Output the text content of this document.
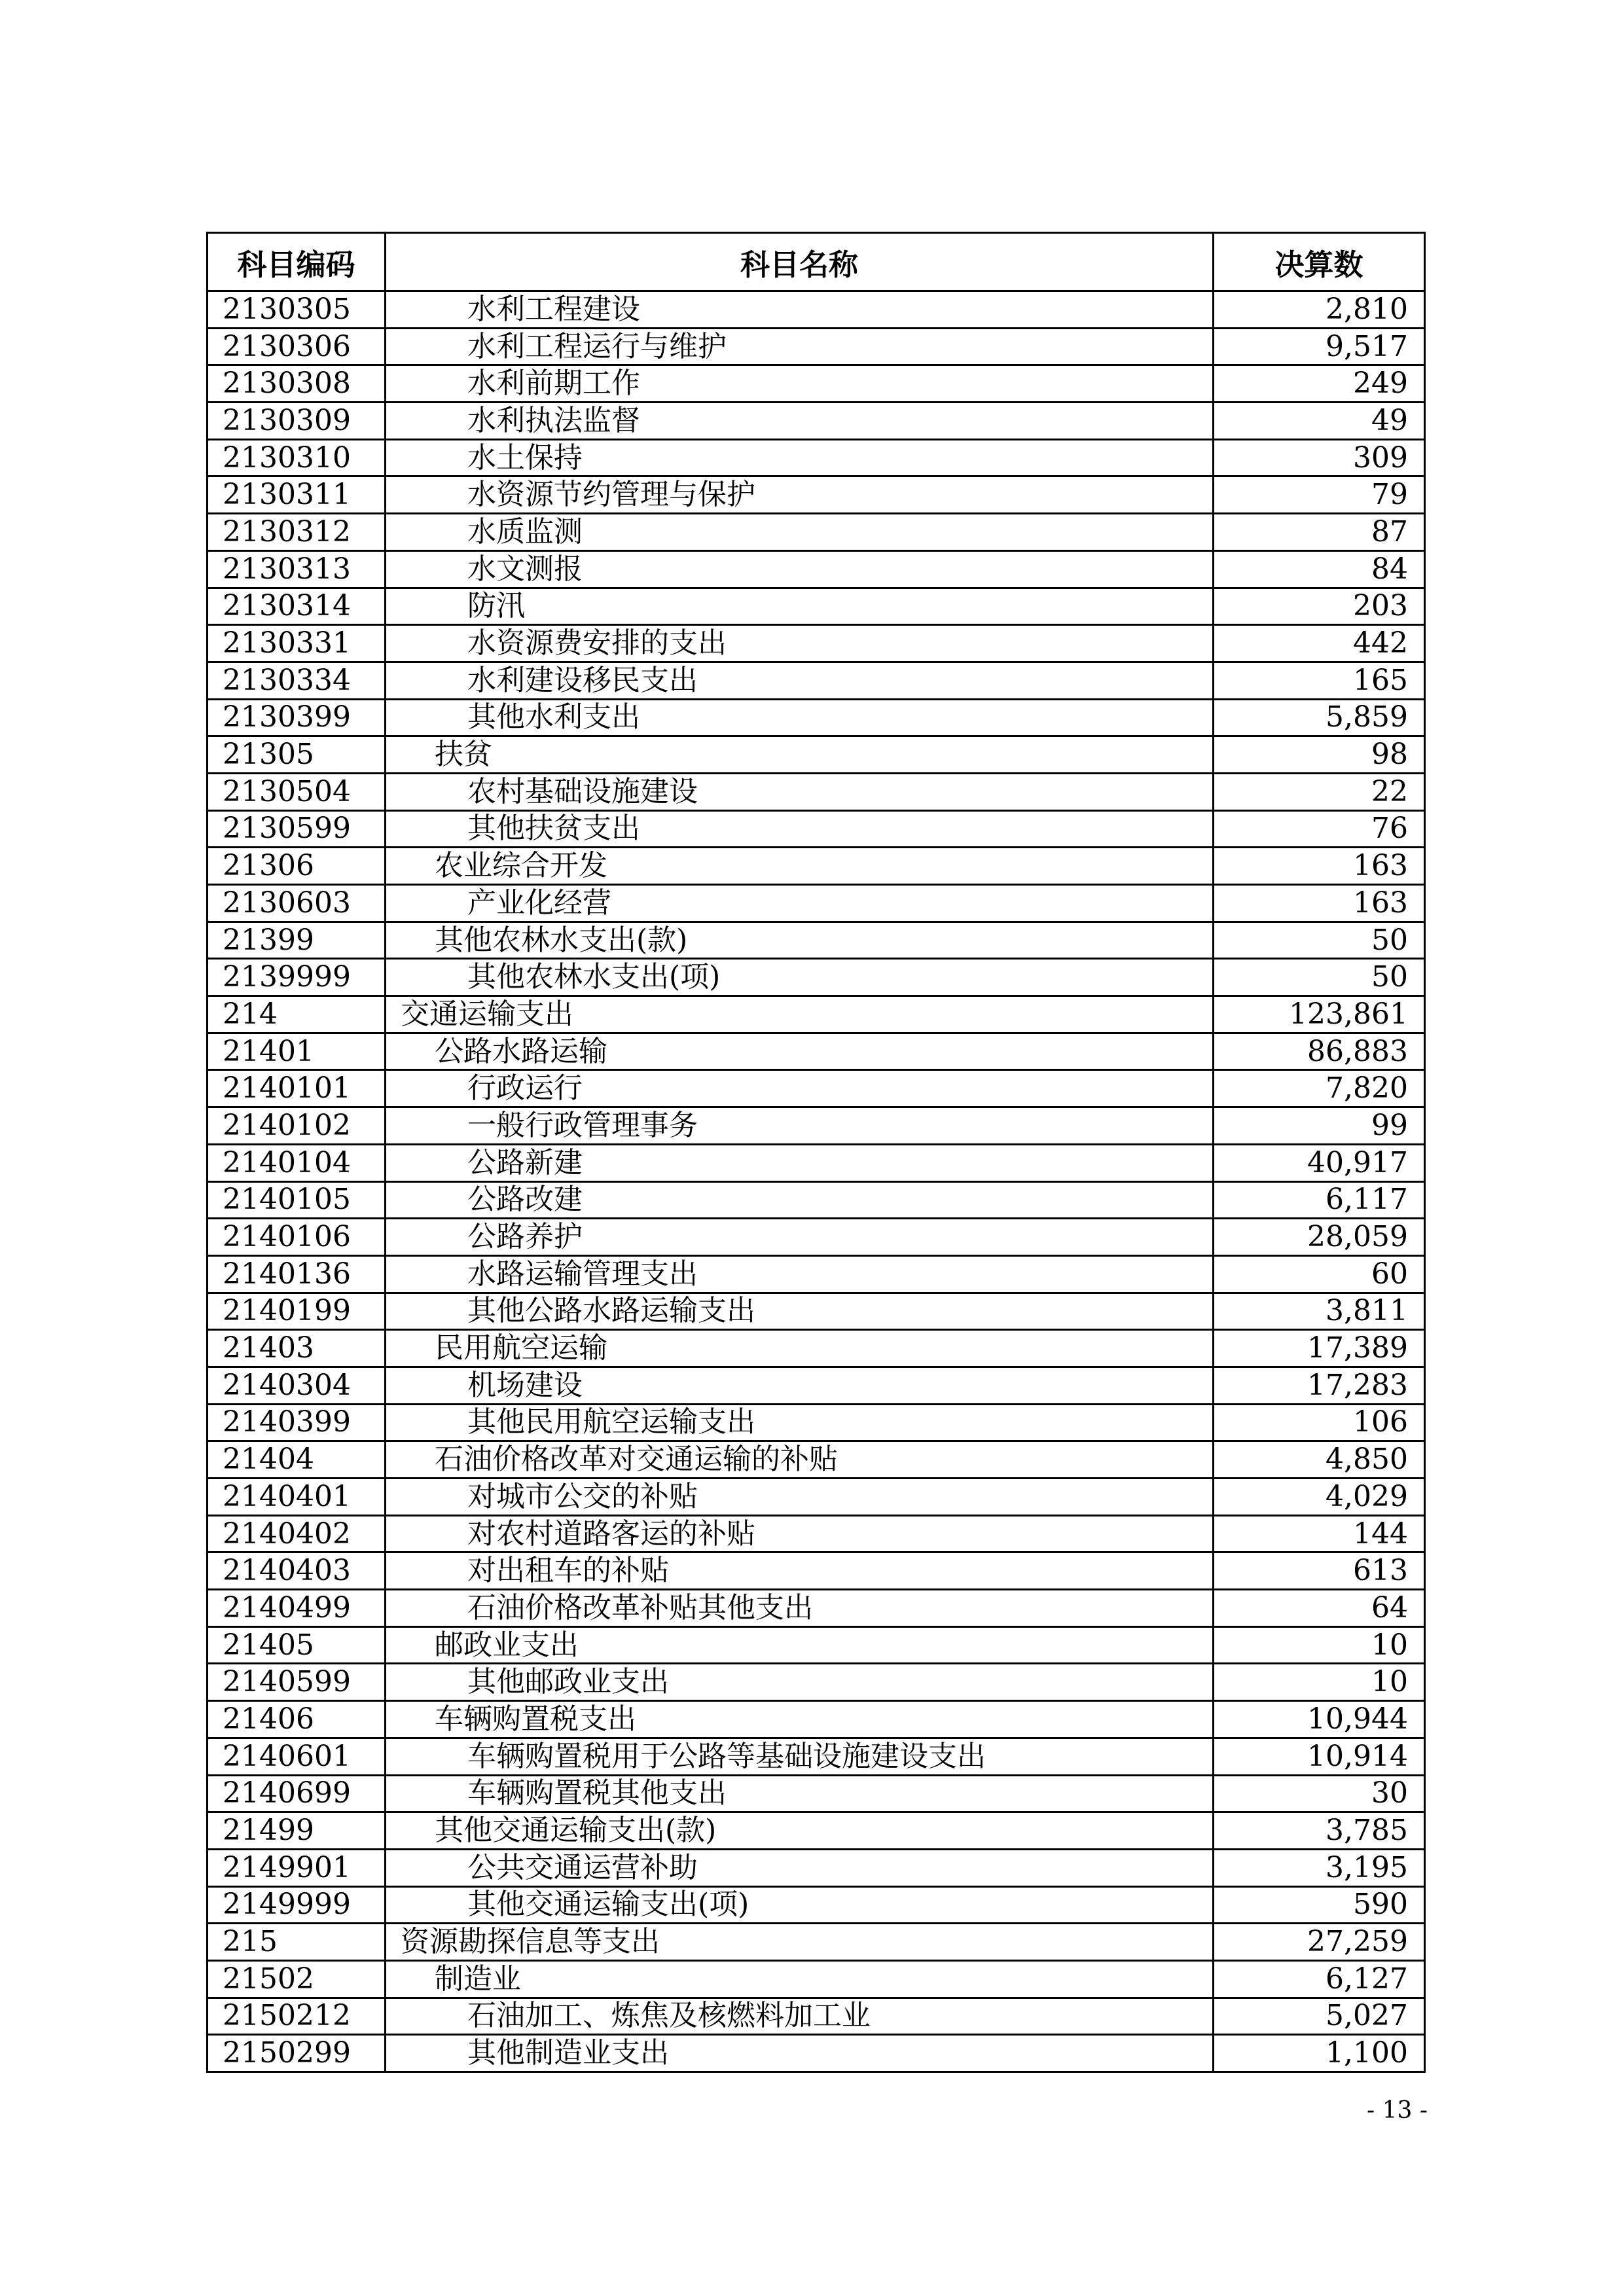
科目编码	科目名称	决算数
2130305	水利工程建设	2,810
2130306	水利工程运行与维护	9,517
2130308	水利前期工作	249
2130309	水利执法监督	49
2130310	水土保持	309
2130311	水资源节约管理与保护	79
2130312	水质监测	87
2130313	水文测报	84
2130314	防汛	203
2130331	水资源费安排的支出	442
2130334	水利建设移民支出	165
2130399	其他水利支出	5,859
21305	扶贫	98
2130504	农村基础设施建设	22
2130599	其他扶贫支出	76
21306	农业综合开发	163
2130603	产业化经营	163
21399	其他农林水支出(款)	50
2139999	其他农林水支出(项)	50
214	交通运输支出	123,861
21401	公路水路运输	86,883
2140101	行政运行	7,820
2140102	一般行政管理事务	99
2140104	公路新建	40,917
2140105	公路改建	6,117
2140106	公路养护	28,059
2140136	水路运输管理支出	60
2140199	其他公路水路运输支出	3,811
21403	民用航空运输	17,389
2140304	机场建设	17,283
2140399	其他民用航空运输支出	106
21404	石油价格改革对交通运输的补贴	4,850
2140401	对城市公交的补贴	4,029
2140402	对农村道路客运的补贴	144
2140403	对出租车的补贴	613
2140499	石油价格改革补贴其他支出	64
21405	邮政业支出	10
2140599	其他邮政业支出	10
21406	车辆购置税支出	10,944
2140601	车辆购置税用于公路等基础设施建设支出	10,914
2140699	车辆购置税其他支出	30
21499	其他交通运输支出(款)	3,785
2149901	公共交通运营补助	3,195
2149999	其他交通运输支出(项)	590
215	资源勘探信息等支出	27,259
21502	制造业	6,127
2150212	石油加工、炼焦及核燃料加工业	5,027
2150299	其他制造业支出	1,100
- 13 -
